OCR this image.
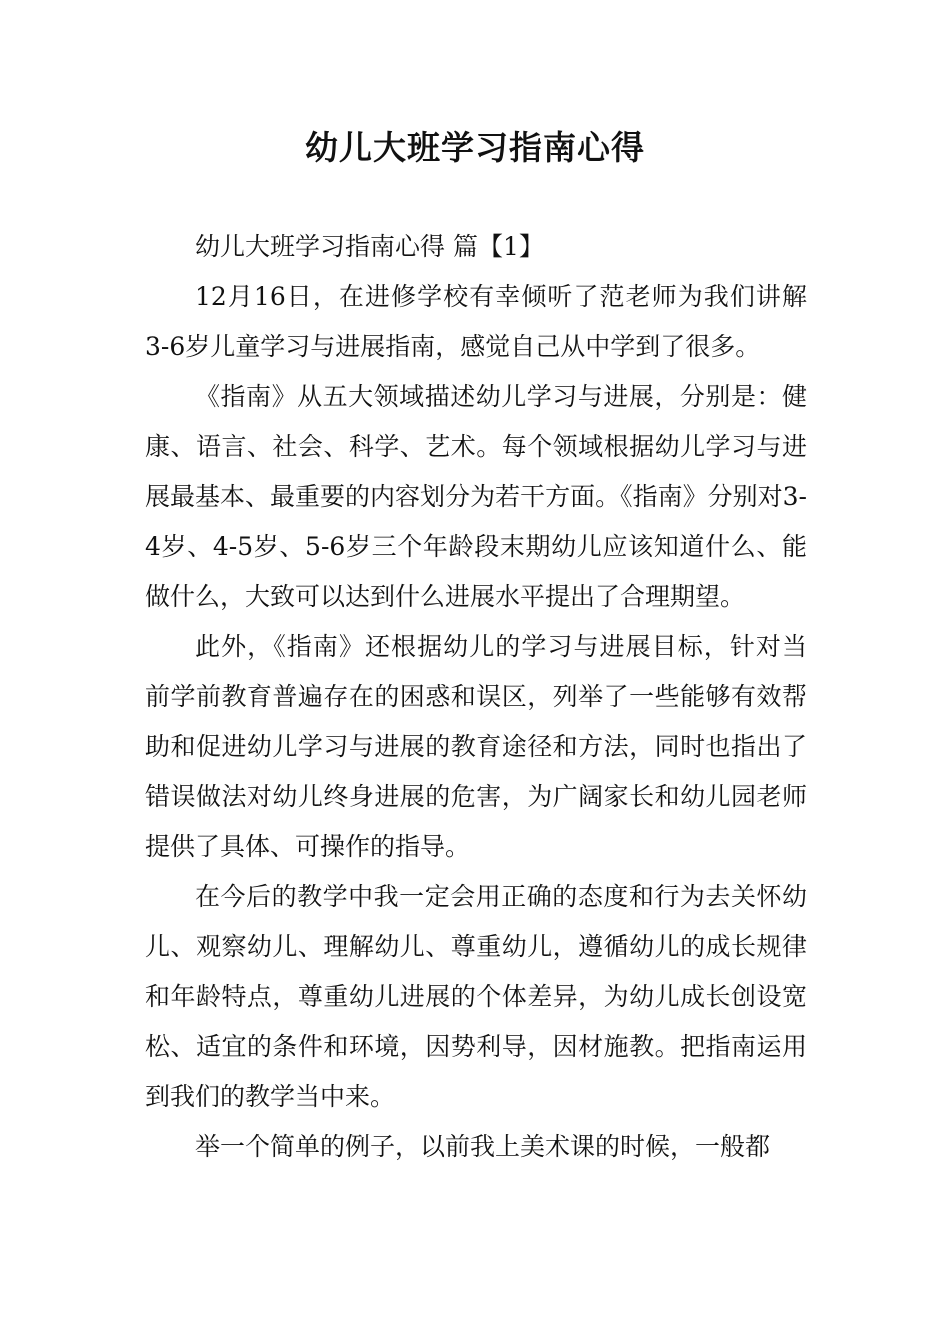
幼儿大班学习指南心得

幼儿大班学习指南心得 篇【1】

12月16日，在进修学校有幸倾听了范老师为我们讲解3-6岁儿童学习与进展指南，感觉自己从中学到了很多。

《指南》从五大领域描述幼儿学习与进展，分别是：健康、语言、社会、科学、艺术。每个领域根据幼儿学习与进展最基本、最重要的内容划分为若干方面。《指南》分别对3-4岁、4-5岁、5-6岁三个年龄段末期幼儿应该知道什么、能做什么，大致可以达到什么进展水平提出了合理期望。

此外，《指南》还根据幼儿的学习与进展目标，针对当前学前教育普遍存在的困惑和误区，列举了一些能够有效帮助和促进幼儿学习与进展的教育途径和方法，同时也指出了错误做法对幼儿终身进展的危害，为广阔家长和幼儿园老师提供了具体、可操作的指导。

在今后的教学中我一定会用正确的态度和行为去关怀幼儿、观察幼儿、理解幼儿、尊重幼儿，遵循幼儿的成长规律和年龄特点，尊重幼儿进展的个体差异，为幼儿成长创设宽松、适宜的条件和环境，因势利导，因材施教。把指南运用到我们的教学当中来。

举一个简单的例子，以前我上美术课的时候，一般都
